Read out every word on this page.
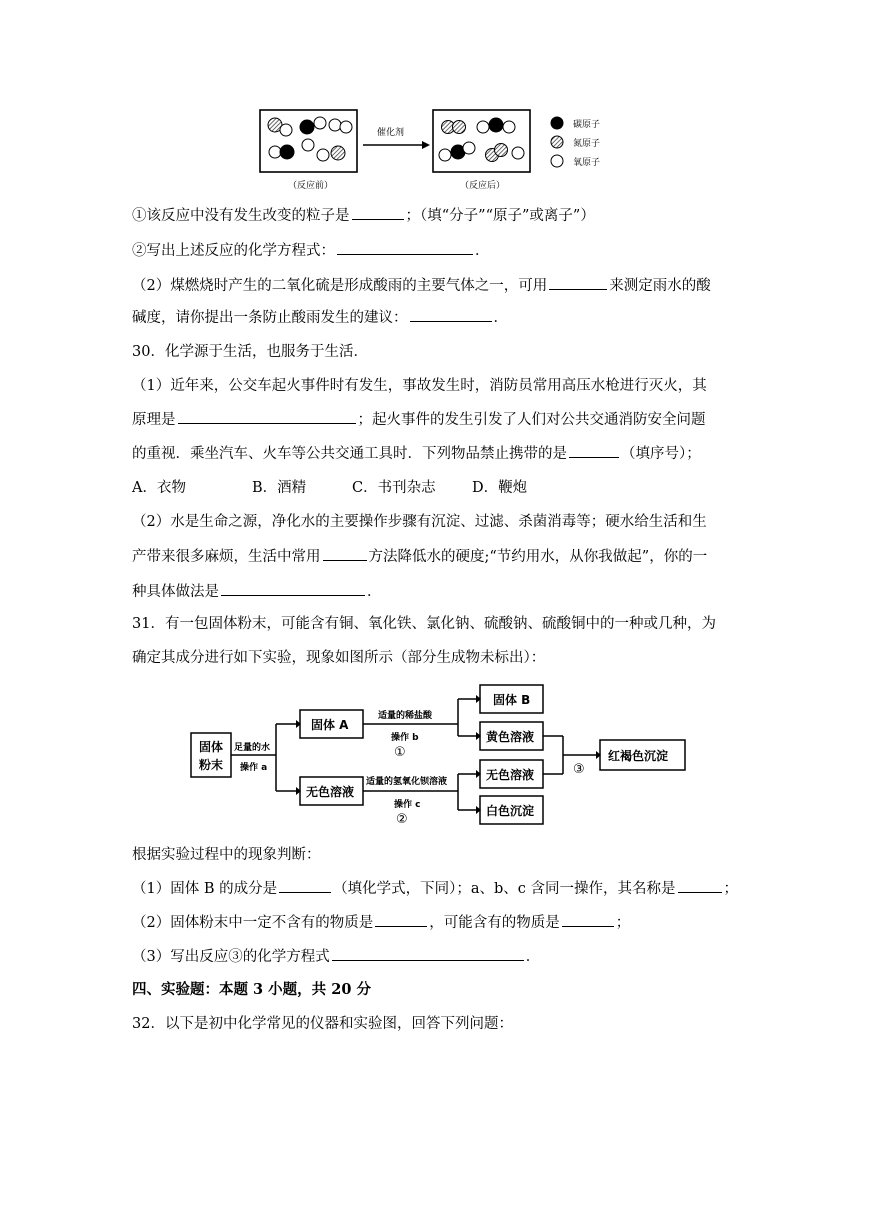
（反应前）
催化剂
（反应后）
碳原子
氮原子
氧原子
①该反应中没有发生改变的粒子是	；（填“分子”“原子”或离子”）
②写出上述反应的化学方程式：	．
（2）煤燃烧时产生的二氧化硫是形成酸雨的主要气体之一，可用	来测定雨水的酸
碱度，请你提出一条防止酸雨发生的建议：	．
30．化学源于生活，也服务于生活．
（1）近年来，公交车起火事件时有发生，事故发生时，消防员常用高压水枪进行灭火，其
原理是	；起火事件的发生引发了人们对公共交通消防安全问题
的重视．乘坐汽车、火车等公共交通工具时．下列物品禁止携带的是	（填序号）；
A．衣物	B．酒精	C．书刊杂志	D．鞭炮
（2）水是生命之源，净化水的主要操作步骤有沉淀、过滤、杀菌消毒等；硬水给生活和生
产带来很多麻烦，生活中常用	方法降低水的硬度;“节约用水，从你我做起”，你的一
种具体做法是	．
31．有一包固体粉末，可能含有铜、氧化铁、氯化钠、硫酸钠、硫酸铜中的一种或几种，为
确定其成分进行如下实验，现象如图所示（部分生成物未标出）：
固体
粉末
固体 A
无色溶液
固体 B
黄色溶液
无色溶液
白色沉淀
红褐色沉淀
足量的水
操作 a
适量的稀盐酸
操作 b
适量的氢氧化钡溶液
操作 c
①
②
③
根据实验过程中的现象判断：
（1）固体 B 的成分是	（填化学式，下同）；a、b、c 含同一操作，其名称是	；
（2）固体粉末中一定不含有的物质是	，可能含有的物质是	；
（3）写出反应③的化学方程式	．
四、实验题：本题 3 小题，共 20 分
32．以下是初中化学常见的仪器和实验图，回答下列问题：
